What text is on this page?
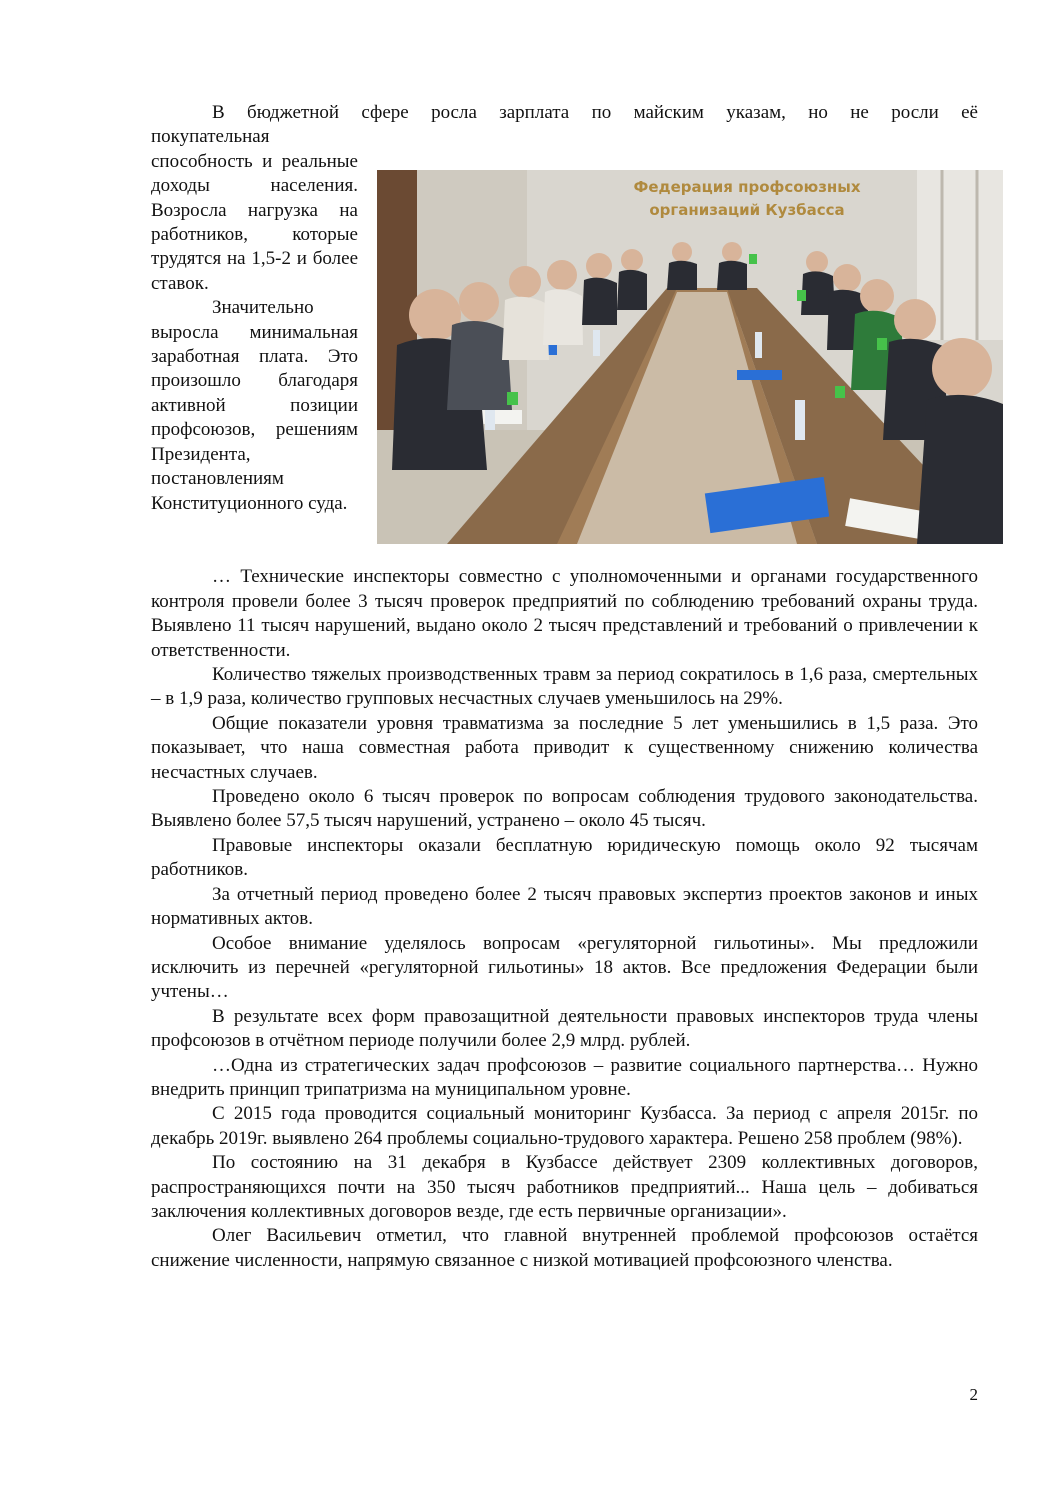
В бюджетной сфере росла зарплата по майским указам, но не росли её

покупательная способность и реальные доходы населения. Возросла нагрузка на работников, которые трудятся на 1,5-2 и более ставок.

Значительно выросла минимальная заработная плата. Это произошло благодаря активной позиции профсоюзов, решениям Президента, постановлениям Конституционного суда.

Федерация профсоюзных
организаций Кузбасса

… Технические инспекторы совместно с уполномоченными и органами государственного контроля провели более 3 тысяч проверок предприятий по соблюдению требований охраны труда. Выявлено 11 тысяч нарушений, выдано около 2 тысяч представлений и требований о привлечении к ответственности.

Количество тяжелых производственных травм за период сократилось в 1,6 раза, смертельных – в 1,9 раза, количество групповых несчастных случаев уменьшилось на 29%.

Общие показатели уровня травматизма за последние 5 лет уменьшились в 1,5 раза. Это показывает, что наша совместная работа приводит к существенному снижению количества несчастных случаев.

Проведено около 6 тысяч проверок по вопросам соблюдения трудового законодательства. Выявлено более 57,5 тысяч нарушений, устранено – около 45 тысяч.

Правовые инспекторы оказали бесплатную юридическую помощь около 92 тысячам работников.

За отчетный период проведено более 2 тысяч правовых экспертиз проектов законов и иных нормативных актов.

Особое внимание уделялось вопросам «регуляторной гильотины». Мы предложили исключить из перечней «регуляторной гильотины» 18 актов. Все предложения Федерации были учтены…

В результате всех форм правозащитной деятельности правовых инспекторов труда члены профсоюзов в отчётном периоде получили более 2,9 млрд. рублей.

…Одна из стратегических задач профсоюзов – развитие социального партнерства… Нужно внедрить принцип трипатризма на муниципальном уровне.

С 2015 года проводится социальный мониторинг Кузбасса. За период с апреля 2015г. по декабрь 2019г. выявлено 264 проблемы социально-трудового характера. Решено 258 проблем (98%).

По состоянию на 31 декабря в Кузбассе действует 2309 коллективных договоров, распространяющихся почти на 350 тысяч работников предприятий... Наша цель – добиваться заключения коллективных договоров везде, где есть первичные организации».

Олег Васильевич отметил, что главной внутренней проблемой профсоюзов остаётся снижение численности, напрямую связанное с низкой мотивацией профсоюзного членства.

2
